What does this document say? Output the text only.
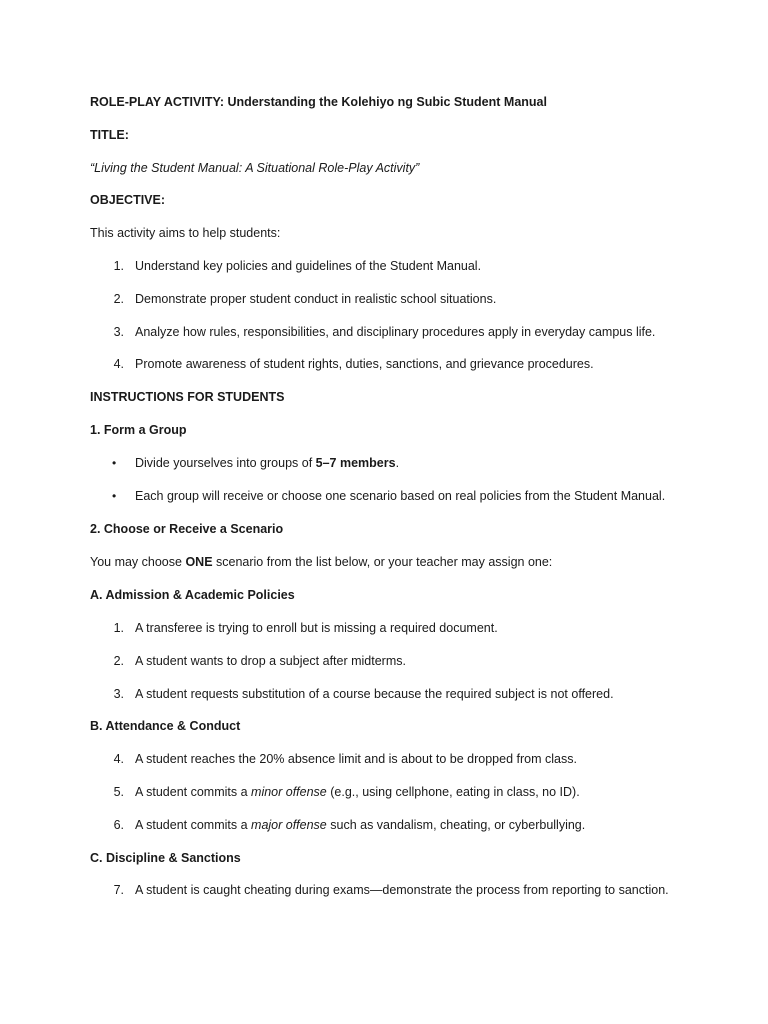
ROLE-PLAY ACTIVITY: Understanding the Kolehiyo ng Subic Student Manual
TITLE:
“Living the Student Manual: A Situational Role-Play Activity”
OBJECTIVE:
This activity aims to help students:
1. Understand key policies and guidelines of the Student Manual.
2. Demonstrate proper student conduct in realistic school situations.
3. Analyze how rules, responsibilities, and disciplinary procedures apply in everyday campus life.
4. Promote awareness of student rights, duties, sanctions, and grievance procedures.
INSTRUCTIONS FOR STUDENTS
1. Form a Group
• Divide yourselves into groups of 5–7 members.
• Each group will receive or choose one scenario based on real policies from the Student Manual.
2. Choose or Receive a Scenario
You may choose ONE scenario from the list below, or your teacher may assign one:
A. Admission & Academic Policies
1. A transferee is trying to enroll but is missing a required document.
2. A student wants to drop a subject after midterms.
3. A student requests substitution of a course because the required subject is not offered.
B. Attendance & Conduct
4. A student reaches the 20% absence limit and is about to be dropped from class.
5. A student commits a minor offense (e.g., using cellphone, eating in class, no ID).
6. A student commits a major offense such as vandalism, cheating, or cyberbullying.
C. Discipline & Sanctions
7. A student is caught cheating during exams—demonstrate the process from reporting to sanction.
